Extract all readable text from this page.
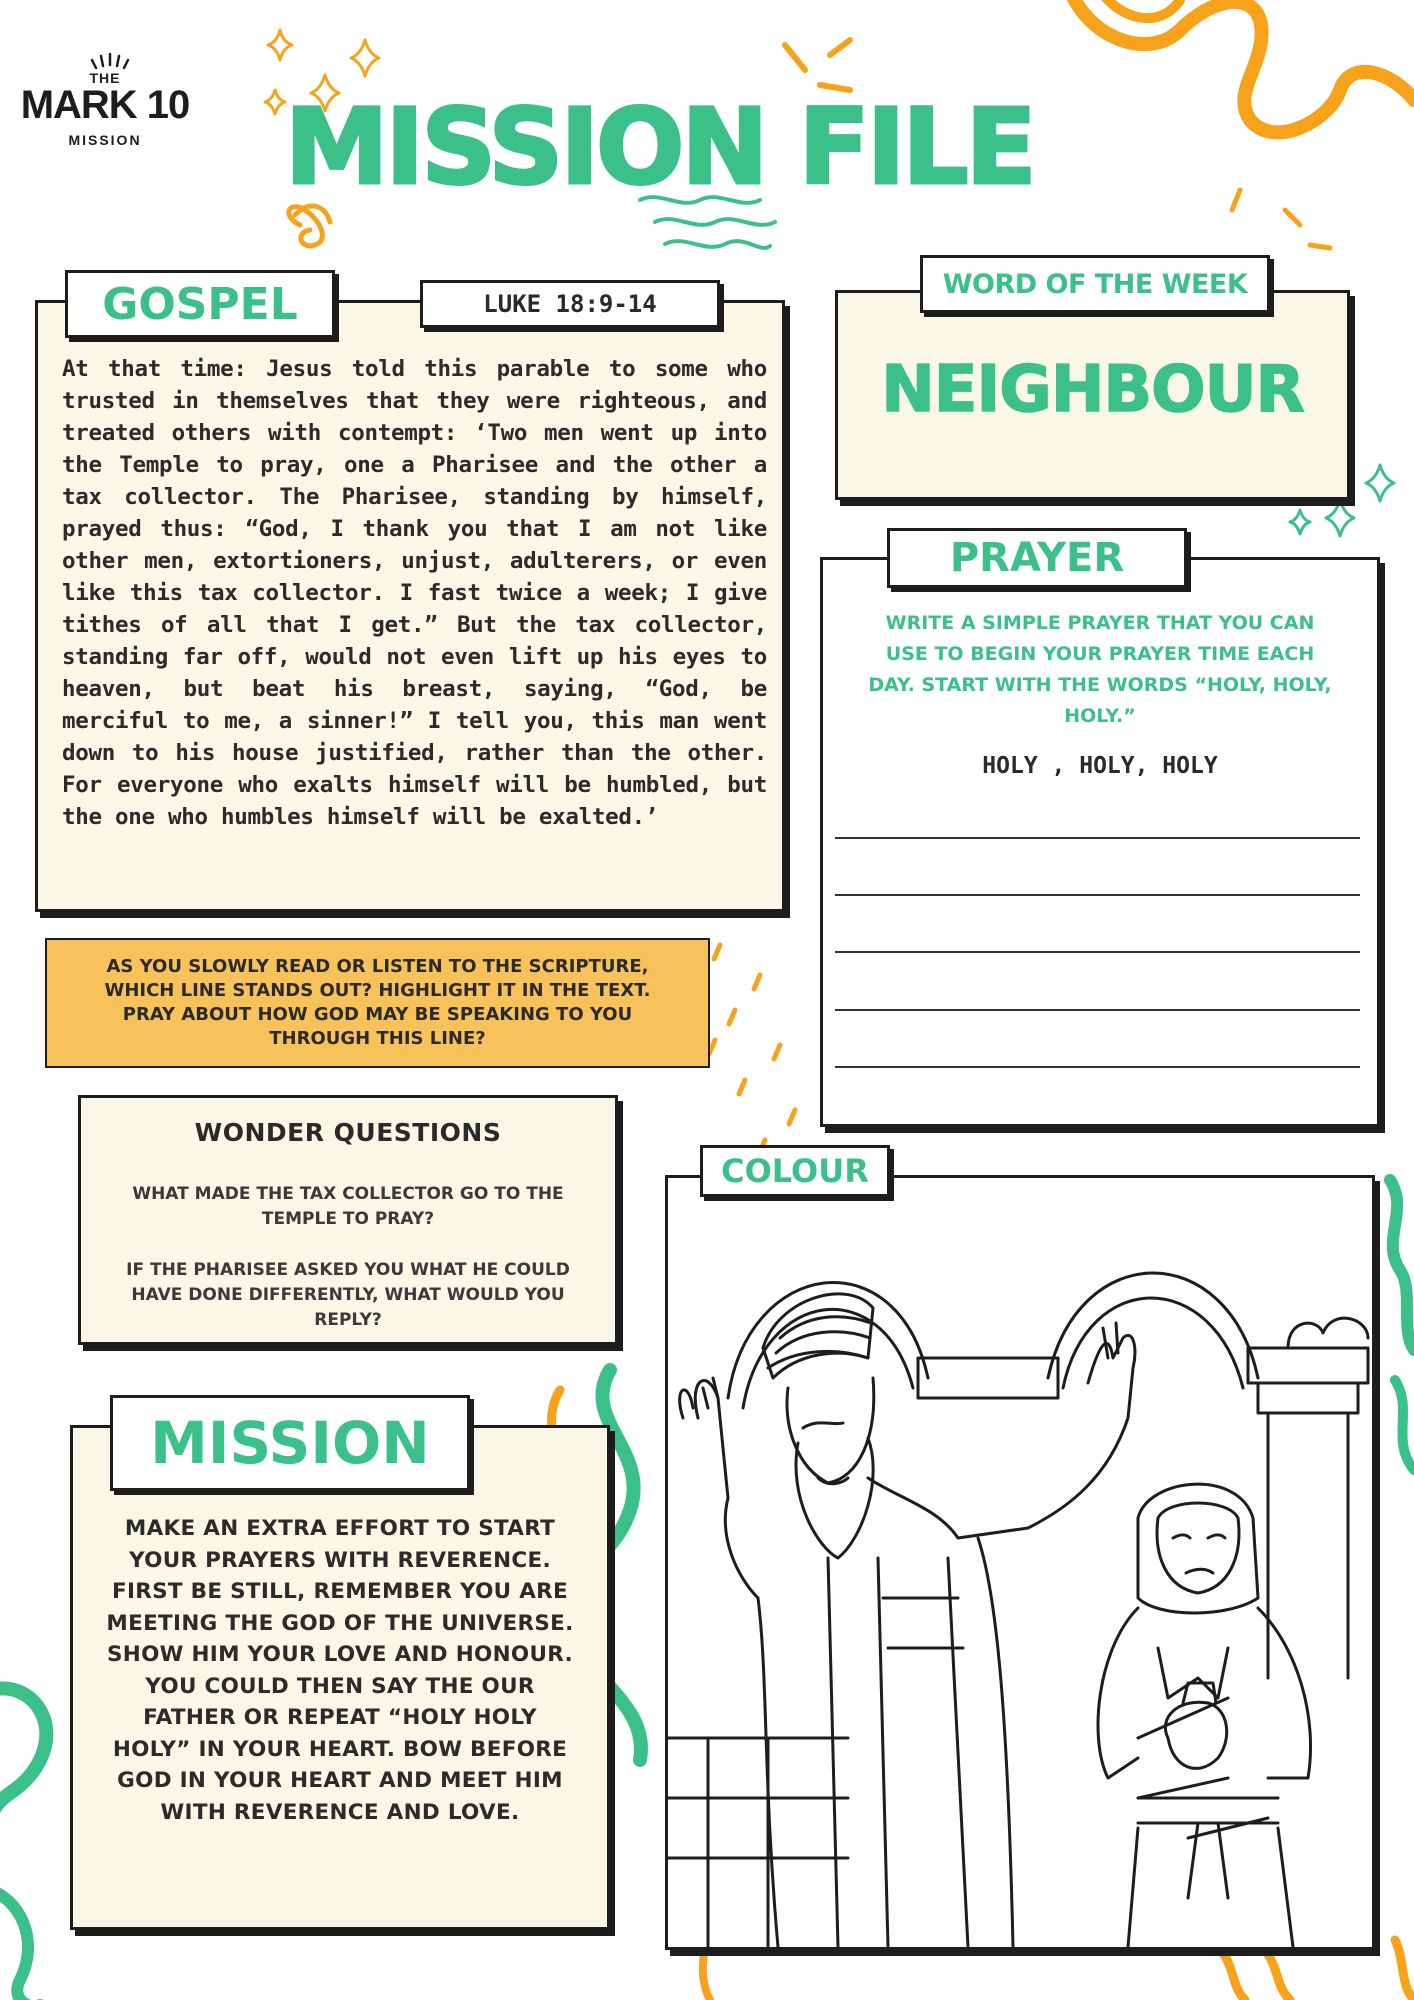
THE
MARK 10
MISSION	MISSION FILE
At that time: Jesus told this parable to some who trusted in themselves that they were righteous, and treated others with contempt: ‘Two men went up into the Temple to pray, one a Pharisee and the other a tax collector. The Pharisee, standing by himself, prayed thus: “God, I thank you that I am not like other men, extortioners, unjust, adulterers, or even like this tax collector. I fast twice a week; I give tithes of all that I get.” But the tax collector, standing far off, would not even lift up his eyes to heaven, but beat his breast, saying, “God, be merciful to me, a sinner!” I tell you, this man went down to his house justified, rather than the other. For everyone who exalts himself will be humbled, but the one who humbles himself will be exalted.’
GOSPEL	LUKE 18:9-14
AS YOU SLOWLY READ OR LISTEN TO THE SCRIPTURE, WHICH LINE STANDS OUT? HIGHLIGHT IT IN THE TEXT. PRAY ABOUT HOW GOD MAY BE SPEAKING TO YOU THROUGH THIS LINE?
WONDER QUESTIONS
WHAT MADE THE TAX COLLECTOR GO TO THE TEMPLE TO PRAY?
IF THE PHARISEE ASKED YOU WHAT HE COULD HAVE DONE DIFFERENTLY, WHAT WOULD YOU REPLY?
MAKE AN EXTRA EFFORT TO START YOUR PRAYERS WITH REVERENCE. FIRST BE STILL, REMEMBER YOU ARE MEETING THE GOD OF THE UNIVERSE. SHOW HIM YOUR LOVE AND HONOUR. YOU COULD THEN SAY THE OUR FATHER OR REPEAT “HOLY HOLY HOLY” IN YOUR HEART. BOW BEFORE GOD IN YOUR HEART AND MEET HIM WITH REVERENCE AND LOVE.
MISSION
NEIGHBOUR
WORD OF THE WEEK
WRITE A SIMPLE PRAYER THAT YOU CAN USE TO BEGIN YOUR PRAYER TIME EACH DAY. START WITH THE WORDS “HOLY, HOLY, HOLY.”
HOLY , HOLY, HOLY
PRAYER
COLOUR
